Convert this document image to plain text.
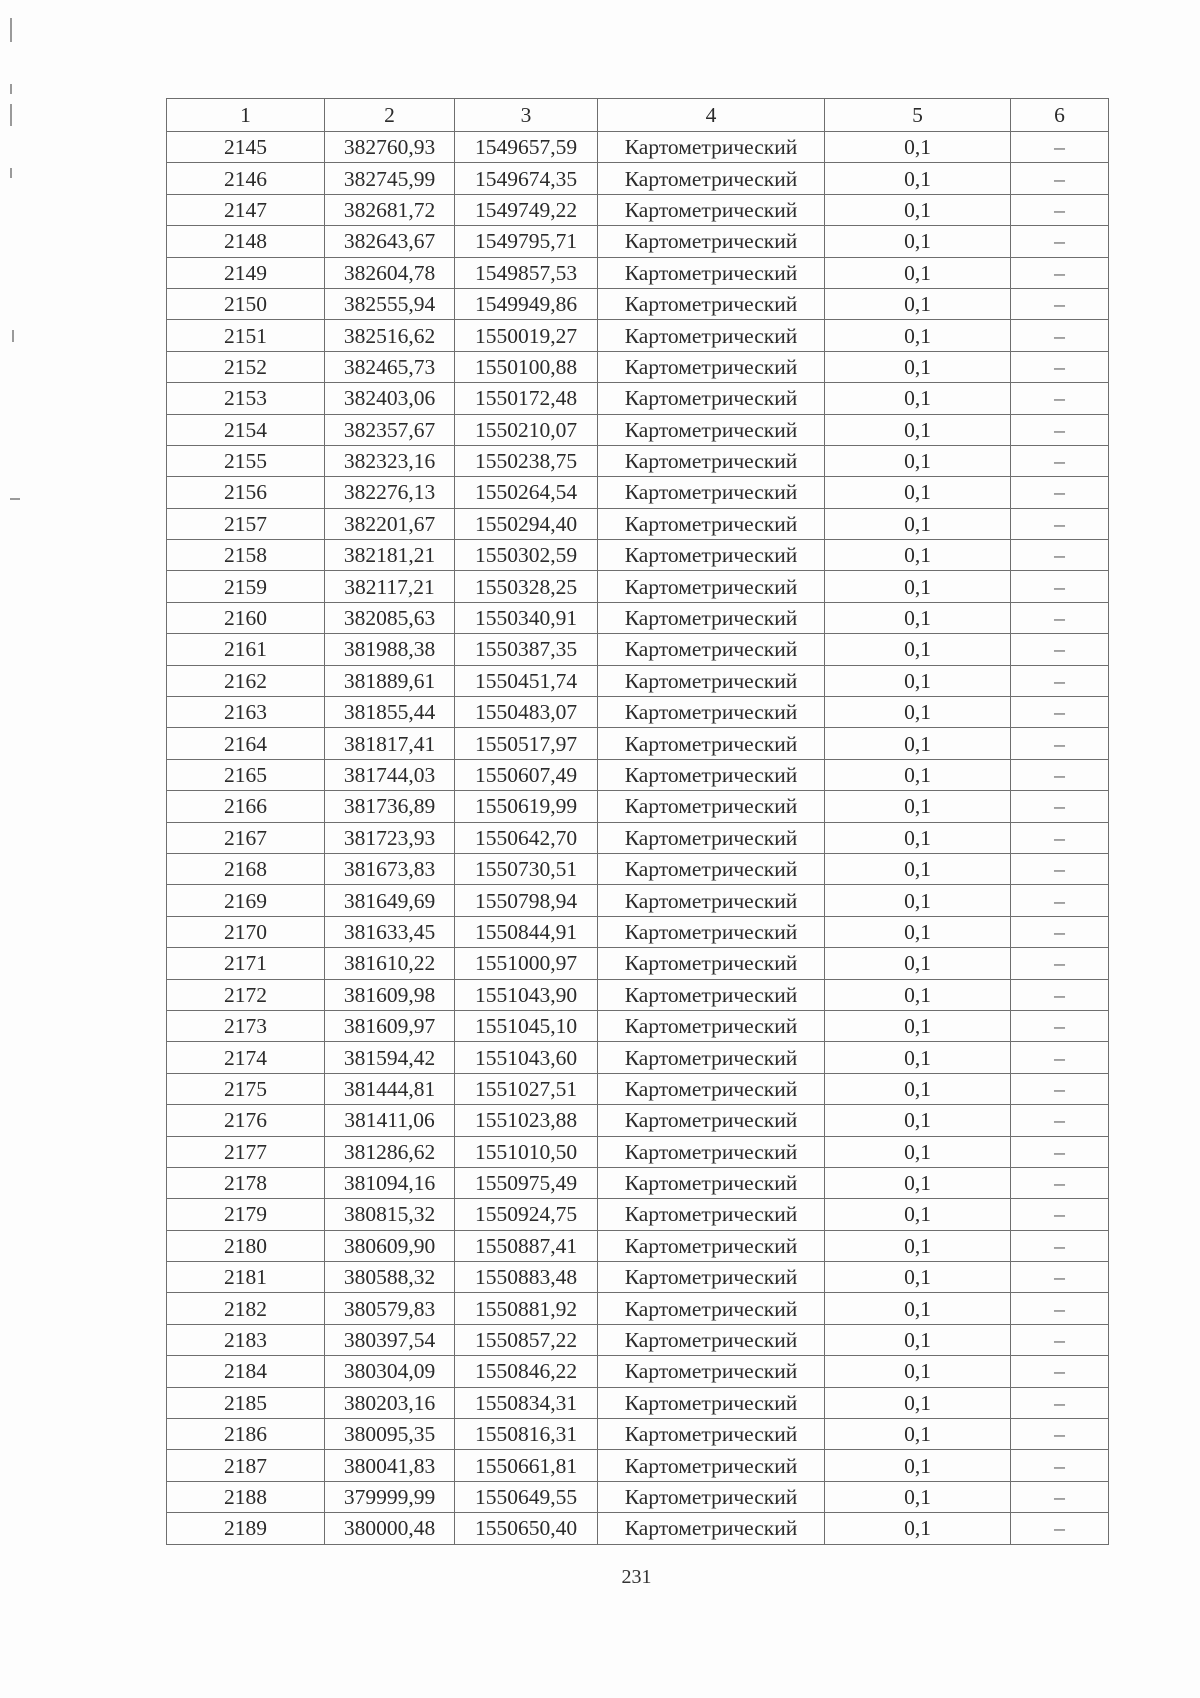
1	2	3	4	5	6
2145	382760,93	1549657,59	Картометрический	0,1	–
2146	382745,99	1549674,35	Картометрический	0,1	–
2147	382681,72	1549749,22	Картометрический	0,1	–
2148	382643,67	1549795,71	Картометрический	0,1	–
2149	382604,78	1549857,53	Картометрический	0,1	–
2150	382555,94	1549949,86	Картометрический	0,1	–
2151	382516,62	1550019,27	Картометрический	0,1	–
2152	382465,73	1550100,88	Картометрический	0,1	–
2153	382403,06	1550172,48	Картометрический	0,1	–
2154	382357,67	1550210,07	Картометрический	0,1	–
2155	382323,16	1550238,75	Картометрический	0,1	–
2156	382276,13	1550264,54	Картометрический	0,1	–
2157	382201,67	1550294,40	Картометрический	0,1	–
2158	382181,21	1550302,59	Картометрический	0,1	–
2159	382117,21	1550328,25	Картометрический	0,1	–
2160	382085,63	1550340,91	Картометрический	0,1	–
2161	381988,38	1550387,35	Картометрический	0,1	–
2162	381889,61	1550451,74	Картометрический	0,1	–
2163	381855,44	1550483,07	Картометрический	0,1	–
2164	381817,41	1550517,97	Картометрический	0,1	–
2165	381744,03	1550607,49	Картометрический	0,1	–
2166	381736,89	1550619,99	Картометрический	0,1	–
2167	381723,93	1550642,70	Картометрический	0,1	–
2168	381673,83	1550730,51	Картометрический	0,1	–
2169	381649,69	1550798,94	Картометрический	0,1	–
2170	381633,45	1550844,91	Картометрический	0,1	–
2171	381610,22	1551000,97	Картометрический	0,1	–
2172	381609,98	1551043,90	Картометрический	0,1	–
2173	381609,97	1551045,10	Картометрический	0,1	–
2174	381594,42	1551043,60	Картометрический	0,1	–
2175	381444,81	1551027,51	Картометрический	0,1	–
2176	381411,06	1551023,88	Картометрический	0,1	–
2177	381286,62	1551010,50	Картометрический	0,1	–
2178	381094,16	1550975,49	Картометрический	0,1	–
2179	380815,32	1550924,75	Картометрический	0,1	–
2180	380609,90	1550887,41	Картометрический	0,1	–
2181	380588,32	1550883,48	Картометрический	0,1	–
2182	380579,83	1550881,92	Картометрический	0,1	–
2183	380397,54	1550857,22	Картометрический	0,1	–
2184	380304,09	1550846,22	Картометрический	0,1	–
2185	380203,16	1550834,31	Картометрический	0,1	–
2186	380095,35	1550816,31	Картометрический	0,1	–
2187	380041,83	1550661,81	Картометрический	0,1	–
2188	379999,99	1550649,55	Картометрический	0,1	–
2189	380000,48	1550650,40	Картометрический	0,1	–
231
